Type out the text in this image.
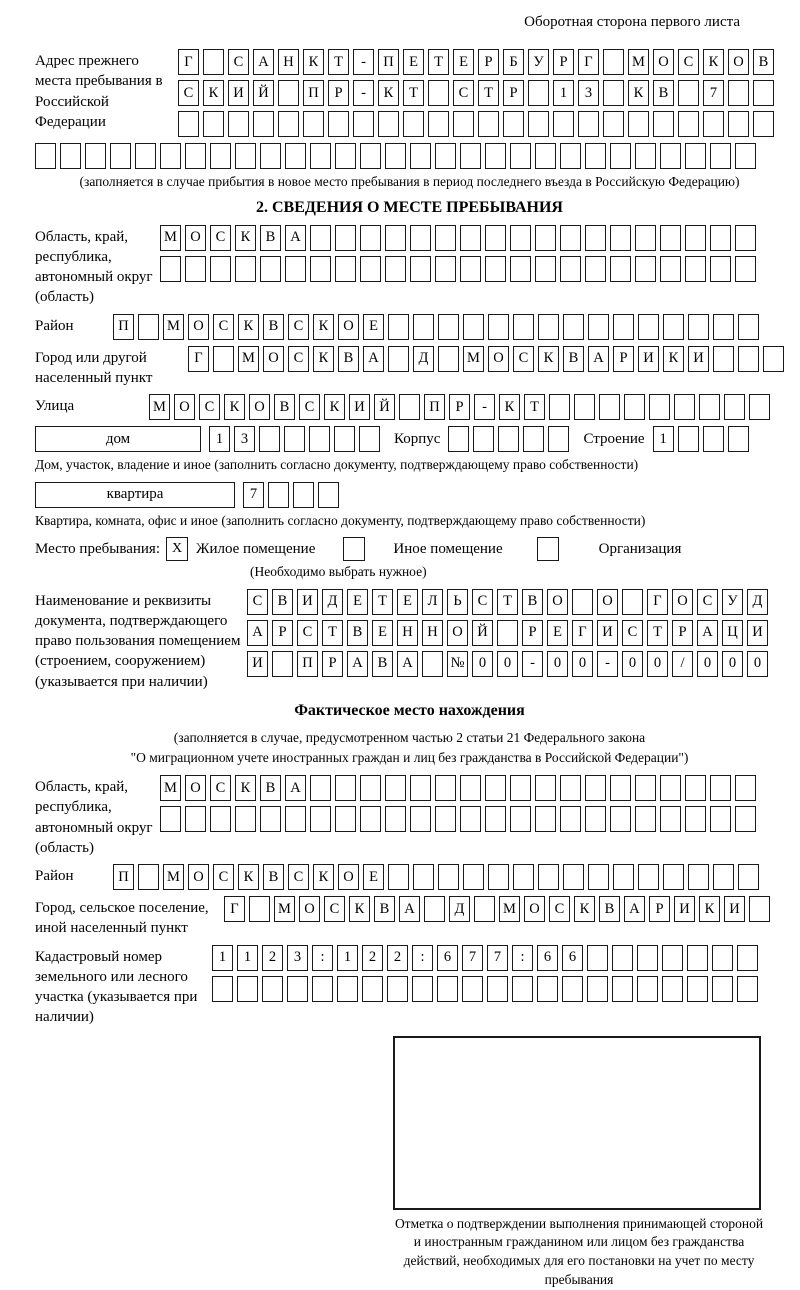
Оборотная сторона первого листа
Адрес прежнего места пребывания в Российской Федерации
Г	С	А	Н	К	Т	-	П	Е	Т	Е	Р	Б	У	Р	Г	М О	С	К	О	В
С	К	И	Й	П	Р	-	К	Т	С	Т	Р	1	3	К	В	7
(заполняется в случае прибытия в новое место пребывания в период последнего въезда в Российскую Федерацию)
2. СВЕДЕНИЯ О МЕСТЕ ПРЕБЫВАНИЯ
Область, край, республика, автономный округ (область)
М О	С	К	В	А
Район	П	М О	С	К	В	С	К	О	Е
Город или другой населенный пункт
Г	М О	С	К	В	А	Д	М О	С	К	В	А	Р	И	К	И
Улица	М О	С	К	О	В	С	К	И	Й	П	Р	-	К	Т
дом	1	3	Корпус	Строение	1
Дом, участок, владение и иное (заполнить согласно документу, подтверждающему право собственности)
квартира	7
Квартира, комната, офис и иное (заполнить согласно документу, подтверждающему право собственности)
Место пребывания: X Жилое помещение	Иное помещение	Организация
(Необходимо выбрать нужное)
Наименование и реквизиты документа, подтверждающего право пользования помещением (строением, сооружением) (указывается при наличии)
С	В	И	Д	Е	Т	Е	Л	Ь	С	Т	В	О	О	Г	О	С	У	Д
А	Р	С	Т	В	Е	Н	Н	О	Й	Р	Е	Г	И	С	Т	Р	А	Ц	И
И	П	Р	А	В	А	№ 0	0	-	0	0	-	0	0	/	0	0	0
Фактическое место нахождения
(заполняется в случае, предусмотренном частью 2 статьи 21 Федерального закона
"О миграционном учете иностранных граждан и лиц без гражданства в Российской Федерации")
Область, край, республика, автономный округ (область)
М О	С	К	В	А
Район	П	М О	С	К	В	С	К	О	Е
Город, сельское поселение, иной населенный пункт
Г	М О	С	К	В	А	Д	М О	С	К	В	А	Р	И	К	И
Кадастровый номер земельного или лесного участка (указывается при наличии)
1	1	2	3	:	1	2	2	:	6	7	7	:	6	6
Отметка о подтверждении выполнения принимающей стороной и иностранным гражданином или лицом без гражданства действий, необходимых для его постановки на учет по месту пребывания
